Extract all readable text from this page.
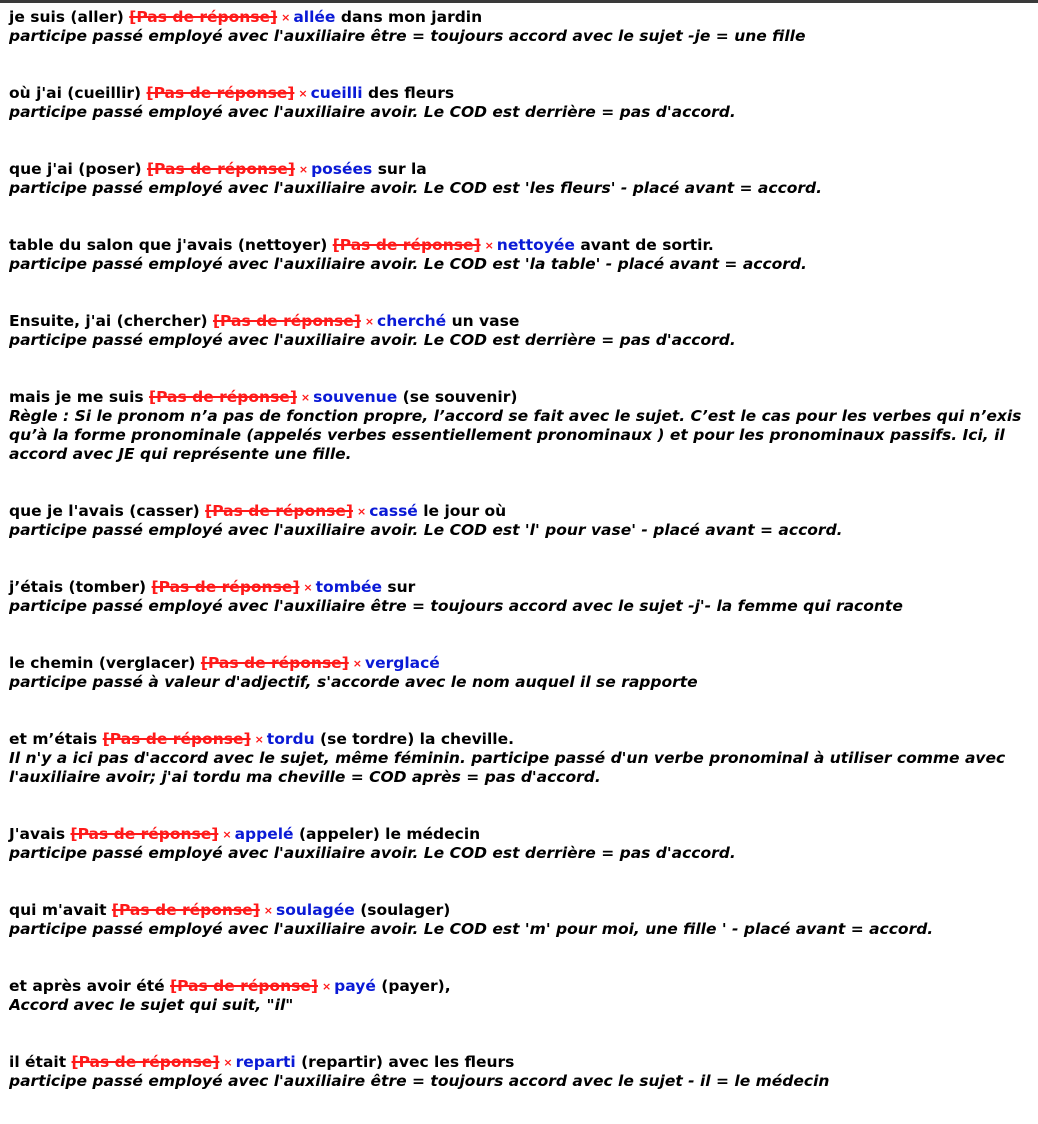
je suis (aller) [Pas de réponse] × allée dans mon jardin
participe passé employé avec l'auxiliaire être = toujours accord avec le sujet -je = une fille
où j'ai (cueillir) [Pas de réponse] × cueilli des fleurs
participe passé employé avec l'auxiliaire avoir. Le COD est derrière = pas d'accord.
que j'ai (poser) [Pas de réponse] × posées sur la
participe passé employé avec l'auxiliaire avoir. Le COD est 'les fleurs' - placé avant = accord.
table du salon que j'avais (nettoyer) [Pas de réponse] × nettoyée avant de sortir.
participe passé employé avec l'auxiliaire avoir. Le COD est 'la table' - placé avant = accord.
Ensuite, j'ai (chercher) [Pas de réponse] × cherché un vase
participe passé employé avec l'auxiliaire avoir. Le COD est derrière = pas d'accord.
mais je me suis [Pas de réponse] × souvenue (se souvenir)
Règle : Si le pronom n’a pas de fonction propre, l’accord se fait avec le sujet. C’est le cas pour les verbes qui n’exis
qu’à la forme pronominale (appelés verbes essentiellement pronominaux ) et pour les pronominaux passifs. Ici, il
accord avec JE qui représente une fille.
que je l'avais (casser) [Pas de réponse] × cassé le jour où
participe passé employé avec l'auxiliaire avoir. Le COD est 'l' pour vase' - placé avant = accord.
j’étais (tomber) [Pas de réponse] × tombée sur
participe passé employé avec l'auxiliaire être = toujours accord avec le sujet -j'- la femme qui raconte
le chemin (verglacer) [Pas de réponse] × verglacé
participe passé à valeur d'adjectif, s'accorde avec le nom auquel il se rapporte
et m’étais [Pas de réponse] × tordu (se tordre) la cheville.
Il n'y a ici pas d'accord avec le sujet, même féminin. participe passé d'un verbe pronominal à utiliser comme avec
l'auxiliaire avoir; j'ai tordu ma cheville = COD après = pas d'accord.
J'avais [Pas de réponse] × appelé (appeler) le médecin
participe passé employé avec l'auxiliaire avoir. Le COD est derrière = pas d'accord.
qui m'avait [Pas de réponse] × soulagée (soulager)
participe passé employé avec l'auxiliaire avoir. Le COD est 'm' pour moi, une fille ' - placé avant = accord.
et après avoir été [Pas de réponse] × payé (payer),
Accord avec le sujet qui suit, "il"
il était [Pas de réponse] × reparti (repartir) avec les fleurs
participe passé employé avec l'auxiliaire être = toujours accord avec le sujet - il = le médecin
